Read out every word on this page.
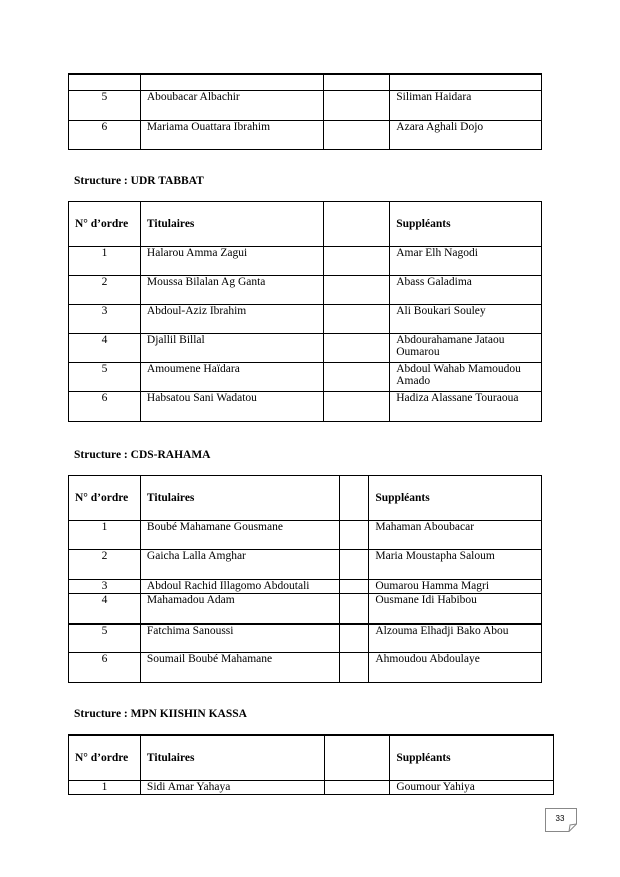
5	Aboubacar Albachir		Siliman Haidara
6	Mariama Ouattara Ibrahim		Azara Aghali Dojo

Structure : UDR TABBAT

N° d’ordre	Titulaires		Suppléants
1	Halarou Amma Zagui		Amar Elh Nagodi
2	Moussa Bilalan Ag Ganta		Abass Galadima
3	Abdoul-Aziz Ibrahim		Ali Boukari Souley
4	Djallil Billal		Abdourahamane Jataou Oumarou
5	Amoumene Haïdara		Abdoul Wahab Mamoudou Amado
6	Habsatou Sani Wadatou		Hadiza Alassane Touraoua

Structure : CDS-RAHAMA

N° d’ordre	Titulaires		Suppléants
1	Boubé Mahamane Gousmane		Mahaman Aboubacar
2	Gaicha Lalla Amghar		Maria Moustapha Saloum
3	Abdoul Rachid Illagomo Abdoutali		Oumarou Hamma Magri
4	Mahamadou Adam		Ousmane Idi Habibou
5	Fatchima Sanoussi		Alzouma Elhadji Bako Abou
6	Soumail Boubé Mahamane		Ahmoudou Abdoulaye

Structure : MPN KIISHIN KASSA

N° d’ordre	Titulaires		Suppléants
1	Sidi Amar Yahaya		Goumour Yahiya
33
